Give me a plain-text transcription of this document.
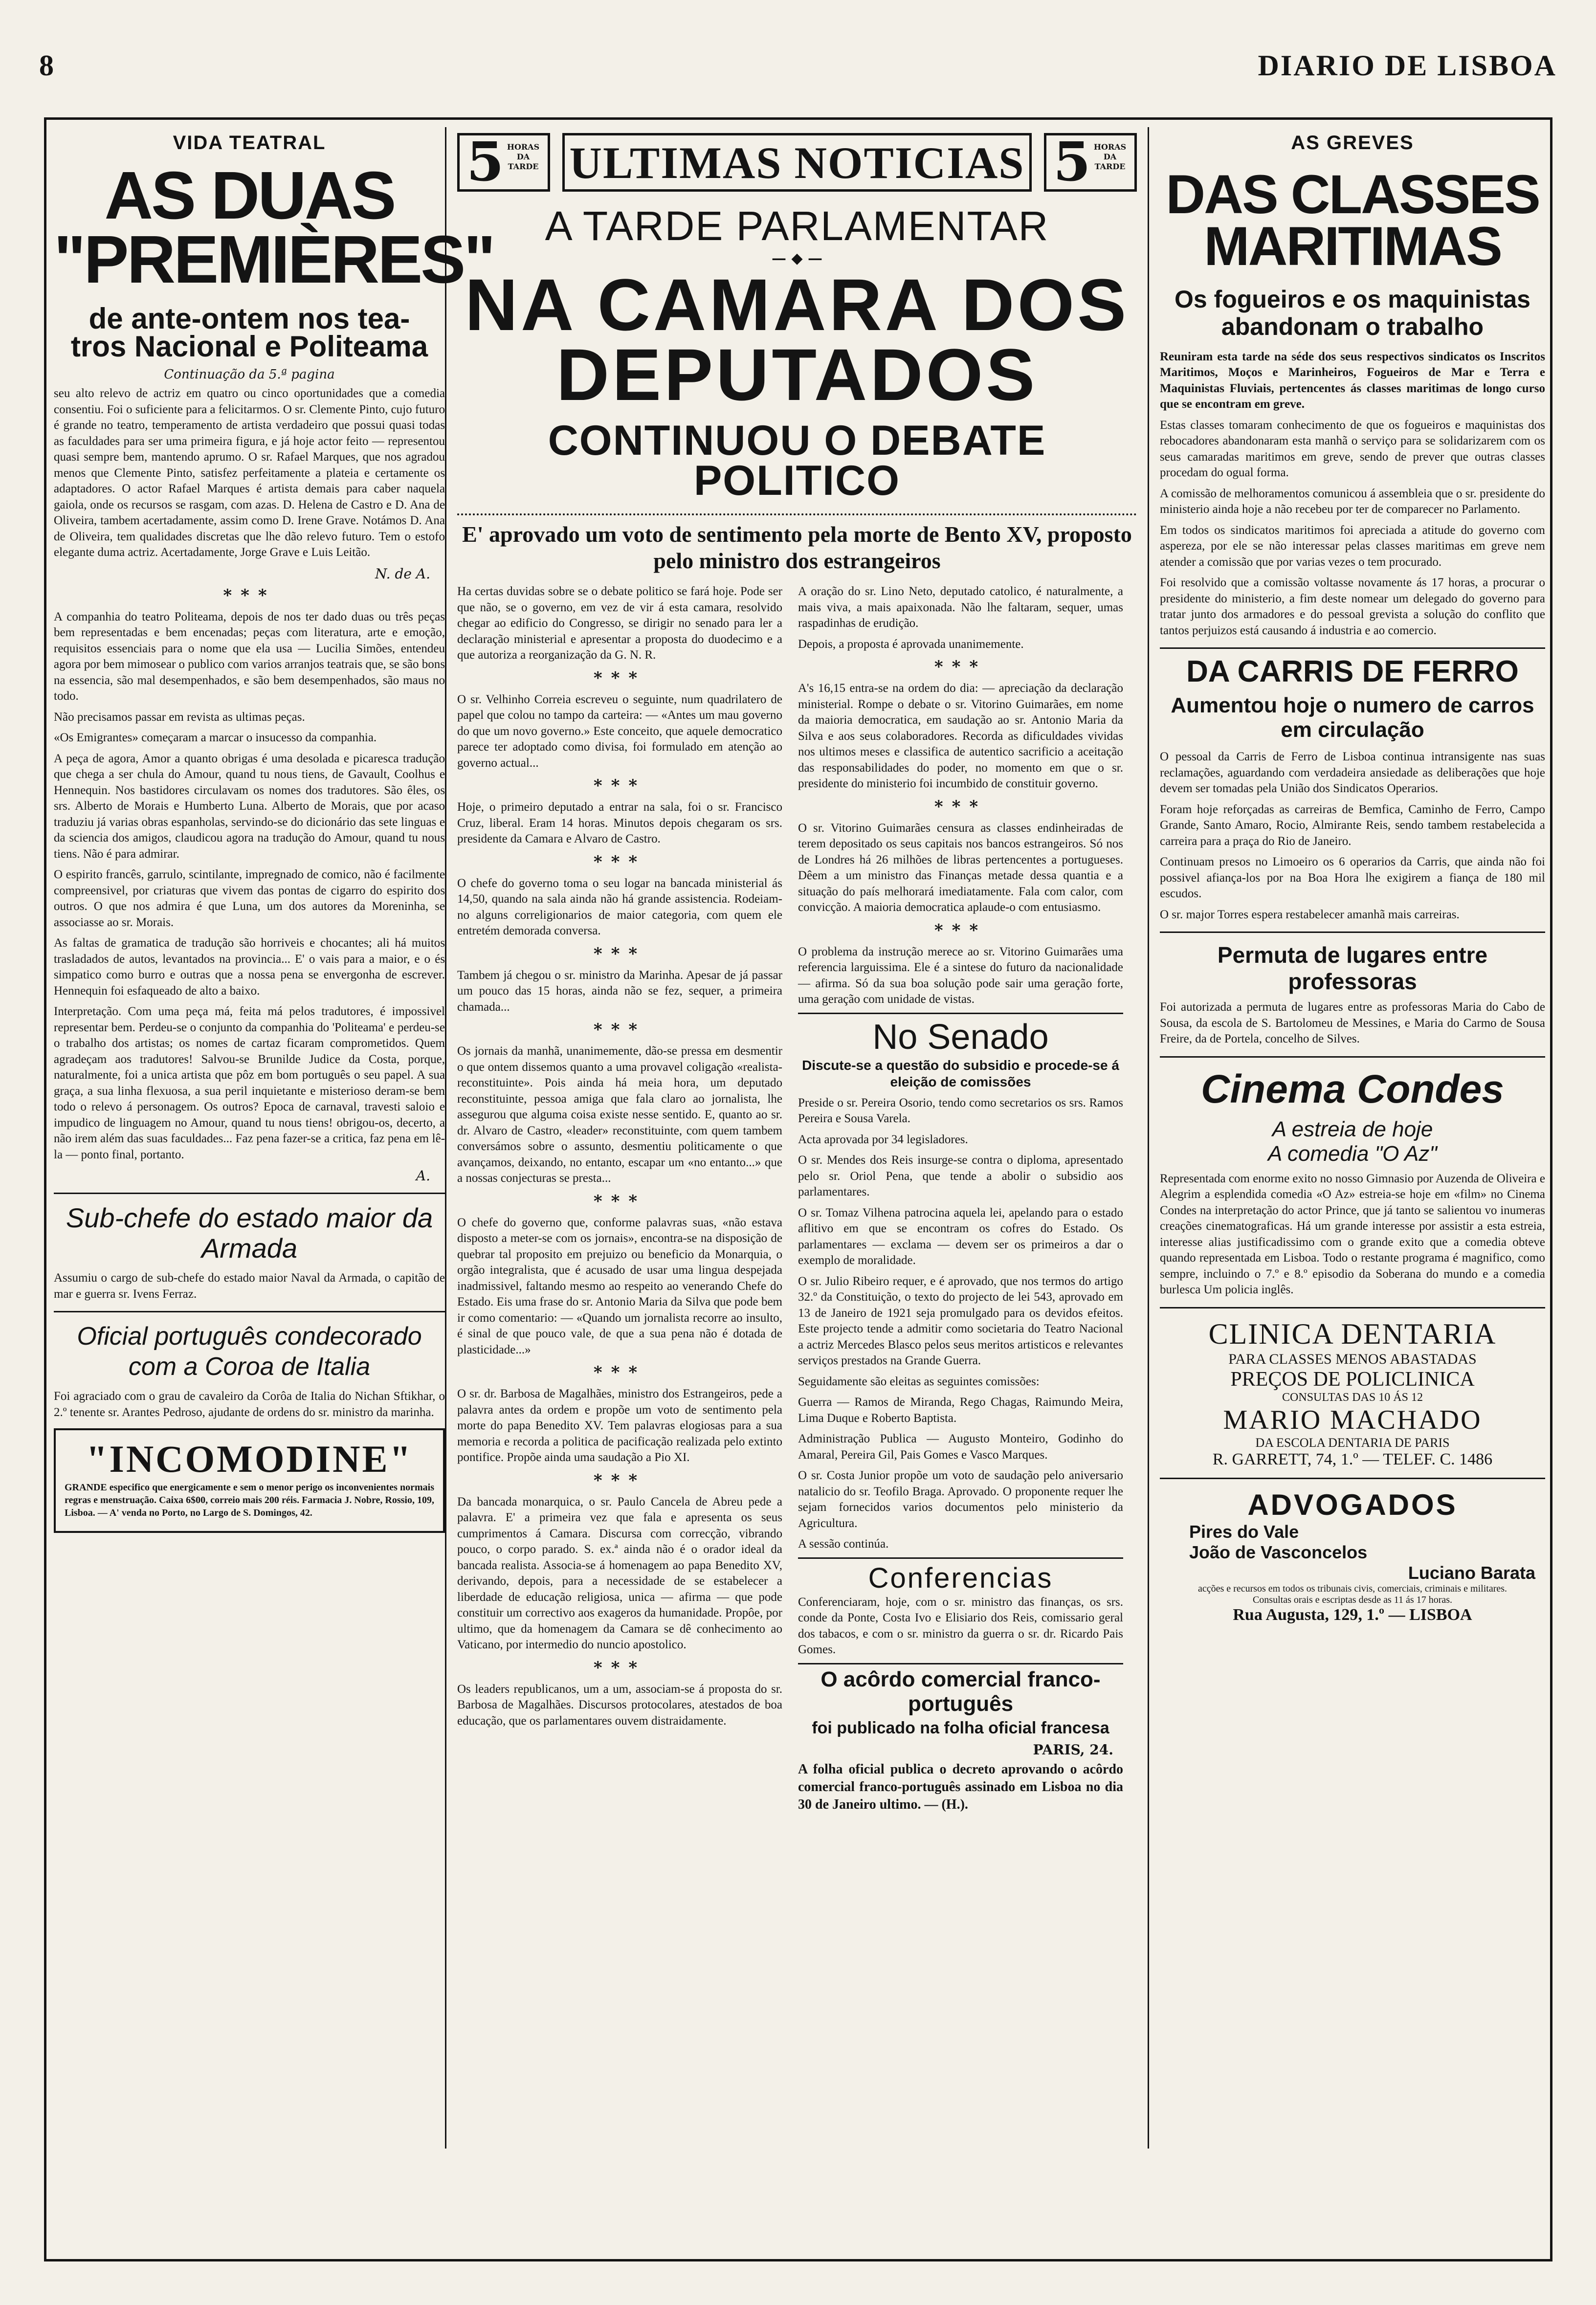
8	DIARIO DE LISBOA
VIDA TEATRAL
AS DUAS "PREMIÈRES"
de ante-ontem nos tea-
tros Nacional e Politeama
Continuação da 5.ª pagina

seu alto relevo de actriz em quatro ou cinco oportunidades que a comedia consentiu. Foi o suficiente para a felicitarmos. O sr. Clemente Pinto, cujo futuro é grande no teatro, temperamento de artista verdadeiro que possui quasi todas as faculdades para ser uma primeira figura, e já hoje actor feito — representou quasi sempre bem, mantendo aprumo. O sr. Rafael Marques, que nos agradou menos que Clemente Pinto, satisfez perfeitamente a plateia e certamente os adaptadores. O actor Rafael Marques é artista demais para caber naquela gaiola, onde os recursos se rasgam, com azas. D. Helena de Castro e D. Ana de Oliveira, tambem acertadamente, assim como D. Irene Grave. Notámos D. Ana de Oliveira, tem qualidades discretas que lhe dão relevo futuro. Tem o estofo elegante duma actriz. Acertadamente, Jorge Grave e Luis Leitão.

N. de A.
***

A companhia do teatro Politeama, depois de nos ter dado duas ou três peças bem representadas e bem encenadas; peças com literatura, arte e emoção, requisitos essenciais para o nome que ela usa — Lucilia Simões, entendeu agora por bem mimosear o publico com varios arranjos teatrais que, se são bons na essencia, são mal desempenhados, e são bem desempenhados, são maus no todo.

Não precisamos passar em revista as ultimas peças.

«Os Emigrantes» começaram a marcar o insucesso da companhia.

A peça de agora, Amor a quanto obrigas é uma desolada e picaresca tradução que chega a ser chula do Amour, quand tu nous tiens, de Gavault, Coolhus e Hennequin. Nos bastidores circulavam os nomes dos tradutores. São êles, os srs. Alberto de Morais e Humberto Luna. Alberto de Morais, que por acaso traduziu já varias obras espanholas, servindo-se do dicionário das sete linguas e da sciencia dos amigos, claudicou agora na tradução do Amour, quand tu nous tiens. Não é para admirar.

O espirito francês, garrulo, scintilante, impregnado de comico, não é facilmente compreensivel, por criaturas que vivem das pontas de cigarro do espirito dos outros. O que nos admira é que Luna, um dos autores da Moreninha, se associasse ao sr. Morais.

As faltas de gramatica de tradução são horriveis e chocantes; ali há muitos trasladados de autos, levantados na provincia... E' o vais para a maior, e o és simpatico como burro e outras que a nossa pena se envergonha de escrever. Hennequin foi esfaqueado de alto a baixo.

Interpretação. Com uma peça má, feita má pelos tradutores, é impossivel representar bem. Perdeu-se o conjunto da companhia do 'Politeama' e perdeu-se o trabalho dos artistas; os nomes de cartaz ficaram comprometidos. Quem agradeçam aos tradutores! Salvou-se Brunilde Judice da Costa, porque, naturalmente, foi a unica artista que pôz em bom português o seu papel. A sua graça, a sua linha flexuosa, a sua peril inquietante e misterioso deram-se bem todo o relevo á personagem. Os outros? Epoca de carnaval, travesti saloio e impudico de linguagem no Amour, quand tu nous tiens! obrigou-os, decerto, a não irem além das suas faculdades... Faz pena fazer-se a critica, faz pena em lê-la — ponto final, portanto.

A.
Sub-chefe do estado maior da Armada

Assumiu o cargo de sub-chefe do estado maior Naval da Armada, o capitão de mar e guerra sr. Ivens Ferraz.

Oficial português condecorado com a Coroa de Italia

Foi agraciado com o grau de cavaleiro da Corôa de Italia do Nichan Sftikhar, o 2.º tenente sr. Arantes Pedroso, ajudante de ordens do sr. ministro da marinha.

"INCOMODINE"

GRANDE especifico que energicamente e sem o menor perigo os inconvenientes normais regras e menstruação. Caixa 6$00, correio mais 200 réis. Farmacia J. Nobre, Rossio, 109, Lisboa. — A' venda no Porto, no Largo de S. Domingos, 42.

5 HORAS DA TARDE ULTIMAS NOTICIAS 5 HORAS DA TARDE
A TARDE PARLAMENTAR
— ◆ —
NA CAMARA DOS DEPUTADOS
CONTINUOU O DEBATE POLITICO
E' aprovado um voto de sentimento pela morte de Bento XV, proposto pelo ministro dos estrangeiros

Ha certas duvidas sobre se o debate politico se fará hoje. Pode ser que não, se o governo, em vez de vir á esta camara, resolvido chegar ao edificio do Congresso, se dirigir no senado para ler a declaração ministerial e apresentar a proposta do duodecimo e a que autoriza a reorganização da G. N. R.

***

O sr. Velhinho Correia escreveu o seguinte, num quadrilatero de papel que colou no tampo da carteira: — «Antes um mau governo do que um novo governo.» Este conceito, que aquele democratico parece ter adoptado como divisa, foi formulado em atenção ao governo actual...

***

Hoje, o primeiro deputado a entrar na sala, foi o sr. Francisco Cruz, liberal. Eram 14 horas. Minutos depois chegaram os srs. presidente da Camara e Alvaro de Castro.

***

O chefe do governo toma o seu logar na bancada ministerial ás 14,50, quando na sala ainda não há grande assistencia. Rodeiam-no alguns correligionarios de maior categoria, com quem ele entretém demorada conversa.

***

Tambem já chegou o sr. ministro da Marinha. Apesar de já passar um pouco das 15 horas, ainda não se fez, sequer, a primeira chamada...

***

Os jornais da manhã, unanimemente, dão-se pressa em desmentir o que ontem dissemos quanto a uma provavel coligação «realista-reconstituinte». Pois ainda há meia hora, um deputado reconstituinte, pessoa amiga que fala claro ao jornalista, lhe assegurou que alguma coisa existe nesse sentido. E, quanto ao sr. dr. Alvaro de Castro, «leader» reconstituinte, com quem tambem conversámos sobre o assunto, desmentiu politicamente o que avançamos, deixando, no entanto, escapar um «no entanto...» que a nossas conjecturas se presta...

***

O chefe do governo que, conforme palavras suas, «não estava disposto a meter-se com os jornais», encontra-se na disposição de quebrar tal proposito em prejuizo ou beneficio da Monarquia, o orgão integralista, que é acusado de usar uma lingua despejada inadmissivel, faltando mesmo ao respeito ao venerando Chefe do Estado. Eis uma frase do sr. Antonio Maria da Silva que pode bem ir como comentario: — «Quando um jornalista recorre ao insulto, é sinal de que pouco vale, de que a sua pena não é dotada de plasticidade...»

***

O sr. dr. Barbosa de Magalhães, ministro dos Estrangeiros, pede a palavra antes da ordem e propõe um voto de sentimento pela morte do papa Benedito XV. Tem palavras elogiosas para a sua memoria e recorda a politica de pacificação realizada pelo extinto pontifice. Propõe ainda uma saudação a Pio XI.

***

Da bancada monarquica, o sr. Paulo Cancela de Abreu pede a palavra. E' a primeira vez que fala e apresenta os seus cumprimentos á Camara. Discursa com correcção, vibrando pouco, o corpo parado. S. ex.ª ainda não é o orador ideal da bancada realista. Associa-se á homenagem ao papa Benedito XV, derivando, depois, para a necessidade de se estabelecer a liberdade de educação religiosa, unica — afirma — que pode constituir um correctivo aos exageros da humanidade. Propôe, por ultimo, que da homenagem da Camara se dê conhecimento ao Vaticano, por intermedio do nuncio apostolico.

***

Os leaders republicanos, um a um, associam-se á proposta do sr. Barbosa de Magalhães. Discursos protocolares, atestados de boa educação, que os parlamentares ouvem distraidamente.

A oração do sr. Lino Neto, deputado catolico, é naturalmente, a mais viva, a mais apaixonada. Não lhe faltaram, sequer, umas raspadinhas de erudição.

Depois, a proposta é aprovada unanimemente.

***

A's 16,15 entra-se na ordem do dia: — apreciação da declaração ministerial. Rompe o debate o sr. Vitorino Guimarães, em nome da maioria democratica, em saudação ao sr. Antonio Maria da Silva e aos seus colaboradores. Recorda as dificuldades vividas nos ultimos meses e classifica de autentico sacrificio a aceitação das responsabilidades do poder, no momento em que o sr. presidente do ministerio foi incumbido de constituir governo.

***

O sr. Vitorino Guimarães censura as classes endinheiradas de terem depositado os seus capitais nos bancos estrangeiros. Só nos de Londres há 26 milhões de libras pertencentes a portugueses. Dêem a um ministro das Finanças metade dessa quantia e a situação do país melhorará imediatamente. Fala com calor, com convicção. A maioria democratica aplaude-o com entusiasmo.

***

O problema da instrução merece ao sr. Vitorino Guimarães uma referencia larguissima. Ele é a sintese do futuro da nacionalidade — afirma. Só da sua boa solução pode sair uma geração forte, uma geração com unidade de vistas.

No Senado
Discute-se a questão do subsidio e procede-se á eleição de comissões

Preside o sr. Pereira Osorio, tendo como secretarios os srs. Ramos Pereira e Sousa Varela.

Acta aprovada por 34 legisladores.

O sr. Mendes dos Reis insurge-se contra o diploma, apresentado pelo sr. Oriol Pena, que tende a abolir o subsidio aos parlamentares.

O sr. Tomaz Vilhena patrocina aquela lei, apelando para o estado aflitivo em que se encontram os cofres do Estado. Os parlamentares — exclama — devem ser os primeiros a dar o exemplo de moralidade.

O sr. Julio Ribeiro requer, e é aprovado, que nos termos do artigo 32.º da Constituição, o texto do projecto de lei 543, aprovado em 13 de Janeiro de 1921 seja promulgado para os devidos efeitos. Este projecto tende a admitir como societaria do Teatro Nacional a actriz Mercedes Blasco pelos seus meritos artisticos e relevantes serviços prestados na Grande Guerra.

Seguidamente são eleitas as seguintes comissões:

Guerra — Ramos de Miranda, Rego Chagas, Raimundo Meira, Lima Duque e Roberto Baptista.

Administração Publica — Augusto Monteiro, Godinho do Amaral, Pereira Gil, Pais Gomes e Vasco Marques.

O sr. Costa Junior propõe um voto de saudação pelo aniversario natalicio do sr. Teofilo Braga. Aprovado. O proponente requer lhe sejam fornecidos varios documentos pelo ministerio da Agricultura.

A sessão continúa.

Conferencias

Conferenciaram, hoje, com o sr. ministro das finanças, os srs. conde da Ponte, Costa Ivo e Elisiario dos Reis, comissario geral dos tabacos, e com o sr. ministro da guerra o sr. dr. Ricardo Pais Gomes.

O acôrdo comercial franco-português
foi publicado na folha oficial francesa
PARIS, 24.

A folha oficial publica o decreto aprovando o acôrdo comercial franco-português assinado em Lisboa no dia 30 de Janeiro ultimo. — (H.).

AS GREVES
DAS CLASSES MARITIMAS
Os fogueiros e os maquinistas abandonam o trabalho

Reuniram esta tarde na séde dos seus respectivos sindicatos os Inscritos Maritimos, Moços e Marinheiros, Fogueiros de Mar e Terra e Maquinistas Fluviais, pertencentes ás classes maritimas de longo curso que se encontram em greve.

Estas classes tomaram conhecimento de que os fogueiros e maquinistas dos rebocadores abandonaram esta manhã o serviço para se solidarizarem com os seus camaradas maritimos em greve, sendo de prever que outras classes procedam do ogual forma.

A comissão de melhoramentos comunicou á assembleia que o sr. presidente do ministerio ainda hoje a não recebeu por ter de comparecer no Parlamento.

Em todos os sindicatos maritimos foi apreciada a atitude do governo com aspereza, por ele se não interessar pelas classes maritimas em greve nem atender a comissão que por varias vezes o tem procurado.

Foi resolvido que a comissão voltasse novamente ás 17 horas, a procurar o presidente do ministerio, a fim deste nomear um delegado do governo para tratar junto dos armadores e do pessoal grevista a solução do conflito que tantos perjuizos está causando á industria e ao comercio.

DA CARRIS DE FERRO
Aumentou hoje o numero de carros em circulação

O pessoal da Carris de Ferro de Lisboa continua intransigente nas suas reclamações, aguardando com verdadeira ansiedade as deliberações que hoje devem ser tomadas pela União dos Sindicatos Operarios.

Foram hoje reforçadas as carreiras de Bemfica, Caminho de Ferro, Campo Grande, Santo Amaro, Rocio, Almirante Reis, sendo tambem restabelecida a carreira para a praça do Rio de Janeiro.

Continuam presos no Limoeiro os 6 operarios da Carris, que ainda não foi possivel afiança-los por na Boa Hora lhe exigirem a fiança de 180 mil escudos.

O sr. major Torres espera restabelecer amanhã mais carreiras.

Permuta de lugares entre professoras

Foi autorizada a permuta de lugares entre as professoras Maria do Cabo de Sousa, da escola de S. Bartolomeu de Messines, e Maria do Carmo de Sousa Freire, da de Portela, concelho de Silves.

Cinema Condes
A estreia de hoje
A comedia "O Az"

Representada com enorme exito no nosso Gimnasio por Auzenda de Oliveira e Alegrim a esplendida comedia «O Az» estreia-se hoje em «film» no Cinema Condes na interpretação do actor Prince, que já tanto se salientou vo inumeras creações cinematograficas. Há um grande interesse por assistir a esta estreia, interesse alias justificadissimo com o grande exito que a comedia obteve quando representada em Lisboa. Todo o restante programa é magnifico, como sempre, incluindo o 7.º e 8.º episodio da Soberana do mundo e a comedia burlesca Um policia inglês.

CLINICA DENTARIA
PARA CLASSES MENOS ABASTADAS
PREÇOS DE POLICLINICA
CONSULTAS DAS 10 ÁS 12
MARIO MACHADO
DA ESCOLA DENTARIA DE PARIS
R. GARRETT, 74, 1.º — TELEF. C. 1486
ADVOGADOS
Pires do Vale
João de Vasconcelos
Luciano Barata
acções e recursos em todos os tribunais civis, comerciais, criminais e militares.
Consultas orais e escriptas desde as 11 ás 17 horas.
Rua Augusta, 129, 1.º — LISBOA
